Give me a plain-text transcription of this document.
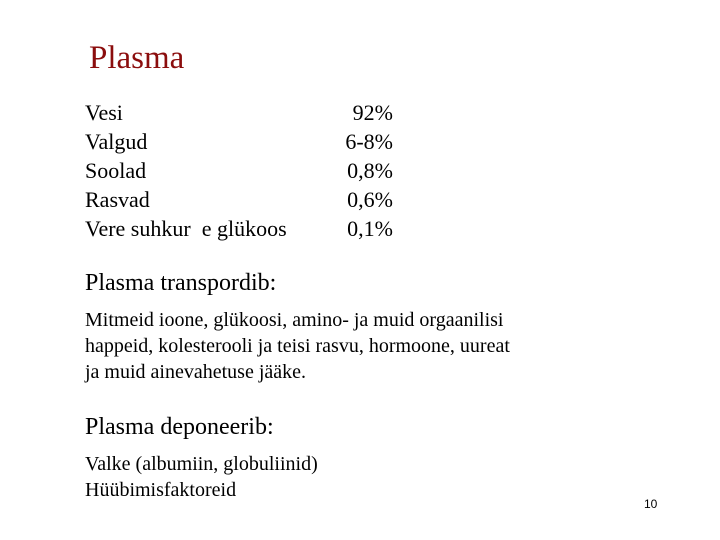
Plasma
Vesi	92%
Valgud	6-8%
Soolad	0,8%
Rasvad	0,6%
Vere suhkur  e glükoos	0,1%
Plasma transpordib:
Mitmeid ioone, glükoosi, amino- ja muid orgaanilisi
happeid, kolesterooli ja teisi rasvu, hormoone, uureat
ja muid ainevahetuse jääke.
Plasma deponeerib:
Valke (albumiin, globuliinid)
Hüübimisfaktoreid
10
